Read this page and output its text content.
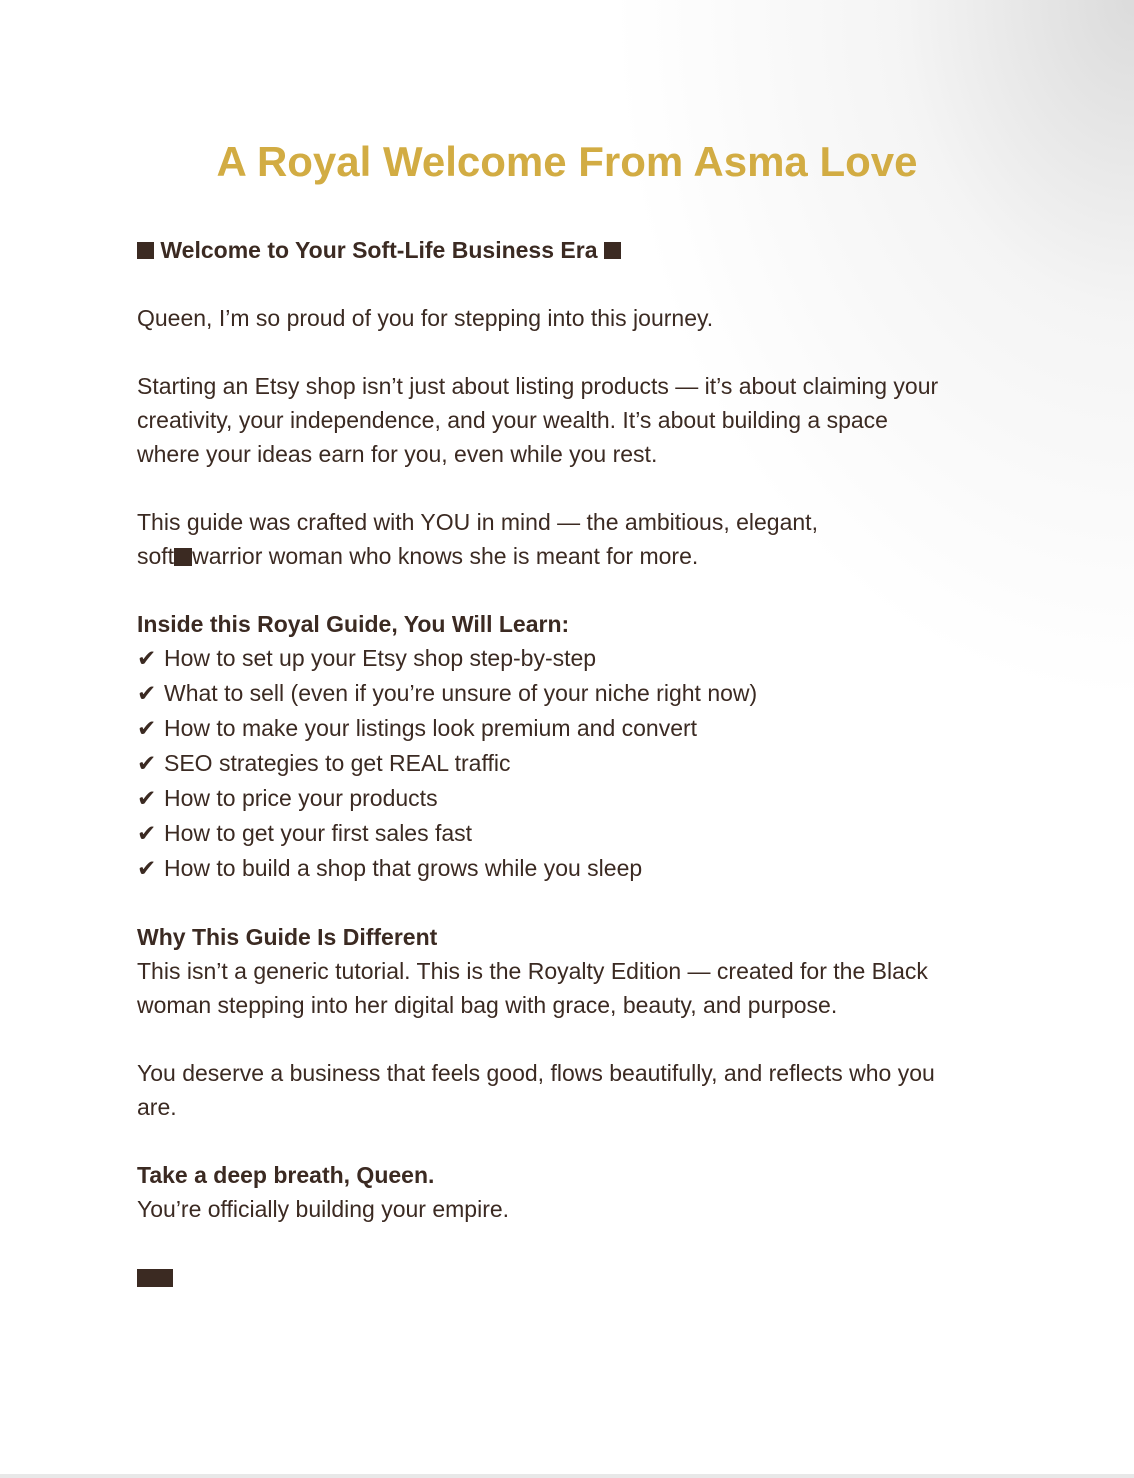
A Royal Welcome From Asma Love
Welcome to Your Soft-Life Business Era
Queen, I’m so proud of you for stepping into this journey.
Starting an Etsy shop isn’t just about listing products — it’s about claiming your
creativity, your independence, and your wealth. It’s about building a space
where your ideas earn for you, even while you rest.
This guide was crafted with YOU in mind — the ambitious, elegant,
soft warrior woman who knows she is meant for more.
Inside this Royal Guide, You Will Learn:
✔ How to set up your Etsy shop step-by-step
✔ What to sell (even if you’re unsure of your niche right now)
✔ How to make your listings look premium and convert
✔ SEO strategies to get REAL traffic
✔ How to price your products
✔ How to get your first sales fast
✔ How to build a shop that grows while you sleep
Why This Guide Is Different
This isn’t a generic tutorial. This is the Royalty Edition — created for the Black
woman stepping into her digital bag with grace, beauty, and purpose.
You deserve a business that feels good, flows beautifully, and reflects who you
are.
Take a deep breath, Queen.
You’re officially building your empire.
